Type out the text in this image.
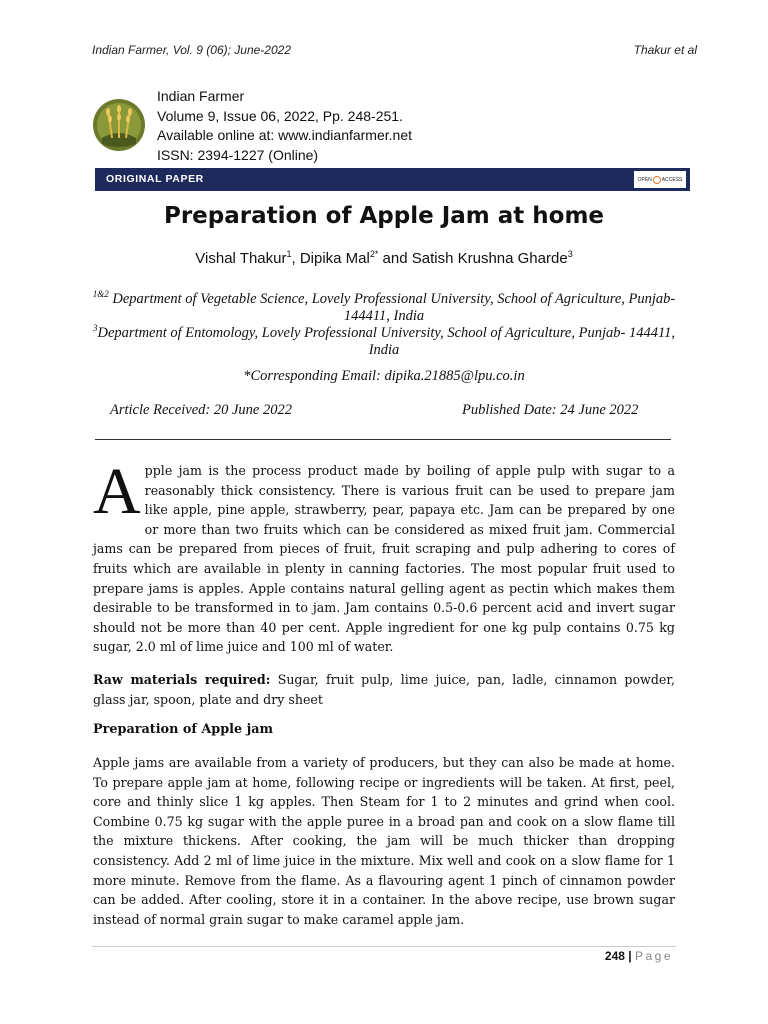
Indian Farmer, Vol. 9 (06); June-2022	Thakur et al
Indian Farmer
Volume 9, Issue 06, 2022, Pp. 248-251.
Available online at: www.indianfarmer.net
ISSN: 2394-1227 (Online)
ORIGINAL PAPER	OPEN ACCESS
Preparation of Apple Jam at home
Vishal Thakur$^1$, Dipika Mal$^{2*}$ and Satish Krushna Gharde$^3$
$^{1\&2}$ Department of Vegetable Science, Lovely Professional University, School of Agriculture, Punjab- 144411, India
$^3$Department of Entomology, Lovely Professional University, School of Agriculture, Punjab- 144411, India
*Corresponding Email: dipika.21885@lpu.co.in
Article Received: 20 June 2022	Published Date: 24 June 2022
Apple jam is the process product made by boiling of apple pulp with sugar to a reasonably thick consistency. There is various fruit can be used to prepare jam like apple, pine apple, strawberry, pear, papaya etc. Jam can be prepared by one or more than two fruits which can be considered as mixed fruit jam. Commercial jams can be prepared from pieces of fruit, fruit scraping and pulp adhering to cores of fruits which are available in plenty in canning factories. The most popular fruit used to prepare jams is apples. Apple contains natural gelling agent as pectin which makes them desirable to be transformed in to jam. Jam contains 0.5-0.6 percent acid and invert sugar should not be more than 40 per cent. Apple ingredient for one kg pulp contains 0.75 kg sugar, 2.0 ml of lime juice and 100 ml of water.
Raw materials required: Sugar, fruit pulp, lime juice, pan, ladle, cinnamon powder, glass jar, spoon, plate and dry sheet
Preparation of Apple jam
Apple jams are available from a variety of producers, but they can also be made at home. To prepare apple jam at home, following recipe or ingredients will be taken. At first, peel, core and thinly slice 1 kg apples. Then Steam for 1 to 2 minutes and grind when cool. Combine 0.75 kg sugar with the apple puree in a broad pan and cook on a slow flame till the mixture thickens. After cooking, the jam will be much thicker than dropping consistency. Add 2 ml of lime juice in the mixture. Mix well and cook on a slow flame for 1 more minute. Remove from the flame. As a flavouring agent 1 pinch of cinnamon powder can be added. After cooling, store it in a container. In the above recipe, use brown sugar instead of normal grain sugar to make caramel apple jam.
248 | Page
